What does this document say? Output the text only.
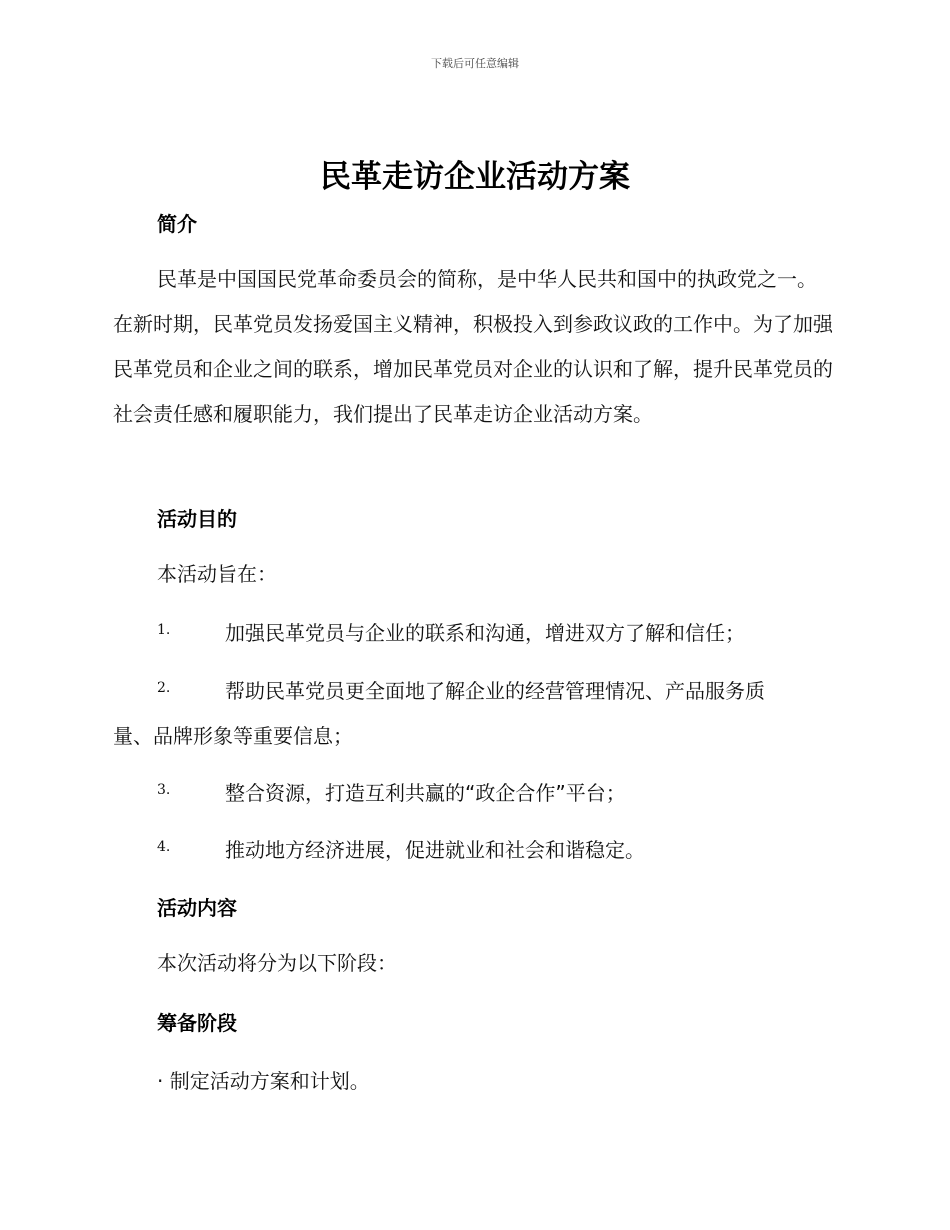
下载后可任意编辑
民革走访企业活动方案
简介
民革是中国国民党革命委员会的简称，是中华人民共和国中的执政党之一。在新时期，民革党员发扬爱国主义精神，积极投入到参政议政的工作中。为了加强民革党员和企业之间的联系，增加民革党员对企业的认识和了解，提升民革党员的社会责任感和履职能力，我们提出了民革走访企业活动方案。
活动目的
本活动旨在：
1.	加强民革党员与企业的联系和沟通，增进双方了解和信任；
2.	帮助民革党员更全面地了解企业的经营管理情况、产品服务质
量、品牌形象等重要信息；
3.	整合资源，打造互利共赢的“政企合作”平台；
4.	推动地方经济进展，促进就业和社会和谐稳定。
活动内容
本次活动将分为以下阶段：
筹备阶段
· 制定活动方案和计划。
